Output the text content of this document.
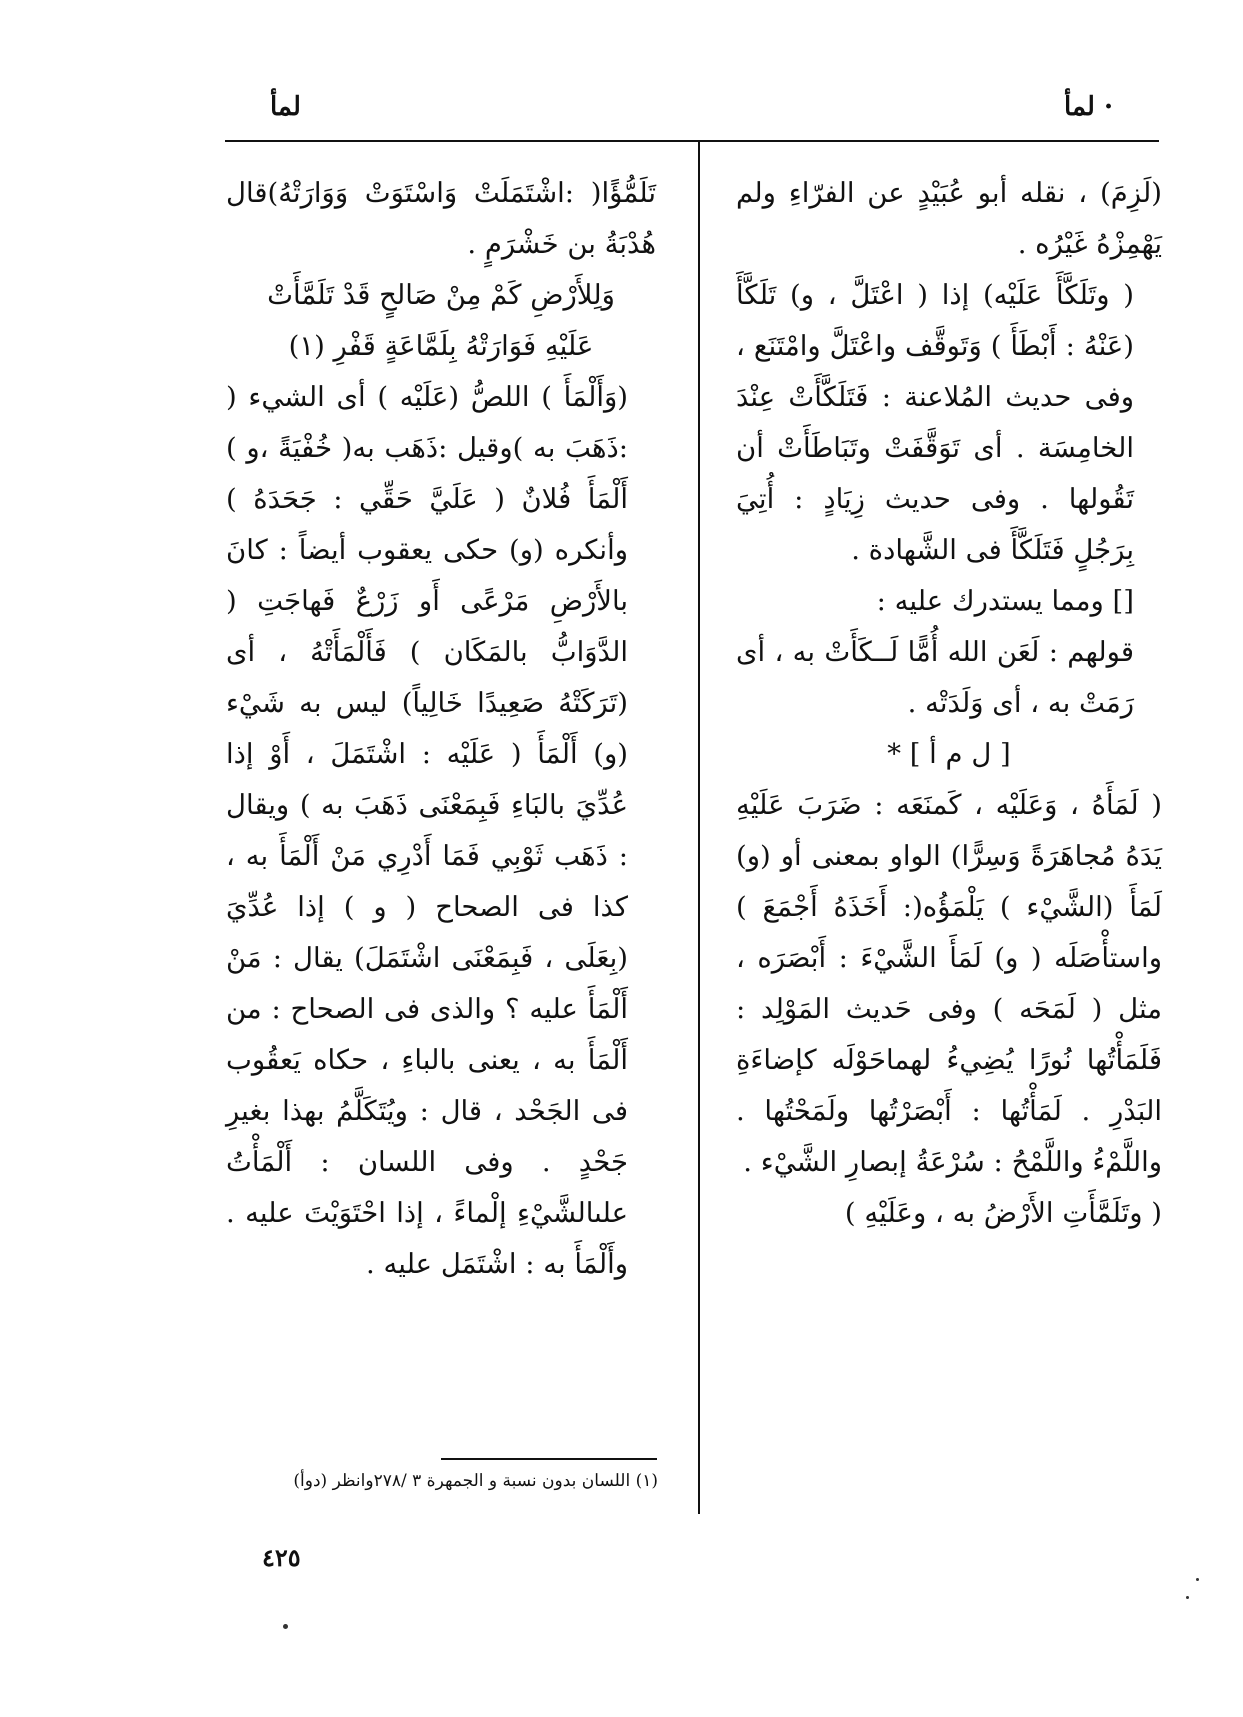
· لمأ
لمأ

(لَزِمَ) ، نقله أبو عُبَيْدٍ عن الفرّاءِ ولم يَهْمِزْهُ غَيْرُه .

( وتَلَكَّأَ عَلَيْه) إذا ( اعْتَلَّ ، و) تَلَكَّأَ (عَنْهُ : أَبْطَأَ ) وَتَوقَّف واعْتَلَّ وامْتَنَع ، وفى حديث المُلاعنة : فَتَلَكَّأَتْ عِنْدَ الخامِسَة . أى تَوَقَّفَتْ وتَبَاطَأَتْ أن تَقُولها . وفى حديث زِيَادٍ : أُتِيَ بِرَجُلٍ فَتَلَكَّأَ فى الشَّهادة .

[] ومما يستدرك عليه :

قولهم : لَعَن الله أُمًّا لَــكَأَتْ به ، أى رَمَتْ به ، أى وَلَدَتْه .

[ ل م أ ] *

( لَمَأَهُ ، وَعَلَيْه ، كَمنَعَه : ضَرَبَ عَلَيْهِ يَدَهُ مُجاهَرَةً وَسِرًّا) الواو بمعنى أو (و) لَمَأَ (الشَّيْء ) يَلْمَؤُه(: أَخَذَهُ أَجْمَعَ ) واستأْصَلَه ( و) لَمَأَ الشَّيْءَ : أَبْصَرَه ، مثل ( لَمَحَه ) وفى حَديث المَوْلِد : فَلَمَأْتُها نُورًا يُضِيءُ لهماحَوْلَه كإضاءَةِ البَدْرِ . لَمَأْتُها : أَبْصَرْتُها ولَمَحْتُها . واللَّمْءُ واللَّمْحُ : سُرْعَةُ إبصارِ الشَّيْء .

( وتَلَمَّأَتِ الأَرْضُ به ، وعَلَيْهِ )

تَلَمُّؤًا( :اشْتَمَلَتْ وَاسْتَوَتْ وَوَارَتْهُ)قال هُدْبَةُ بن خَشْرَمٍ .

وَلِلأَرْضِ كَمْ مِنْ صَالحٍ قَدْ تَلَمَّأَتْ

عَلَيْهِ فَوَارَتْهُ بِلَمَّاعَةٍ قَفْرِ (١)

(وَأَلْمَأَ ) اللصُّ (عَلَيْه ) أى الشيء ( :ذَهَبَ به )وقيل :ذَهَب به( خُفْيَةً ،و ) أَلْمَأَ فُلانٌ ( عَلَيَّ حَقِّي : جَحَدَهُ ) وأنكره (و) حكى يعقوب أيضاً : كانَ بالأَرْضِ مَرْعًى أَو زَرْعٌ فَهاجَتِ ( الدَّوَابُّ بالمَكَان ) فَأَلْمَأَتْهُ ، أى (تَرَكَتْهُ صَعِيدًا خَالِياً) ليس به شَيْء (و) أَلْمَأَ ( عَلَيْه : اشْتَمَلَ ، أَوْ إذا عُدِّيَ بالبَاءِ فَبِمَعْنَى ذَهَبَ به ) ويقال : ذَهَب ثَوْبِي فَمَا أَدْرِي مَنْ أَلْمَأَ به ، كذا فى الصحاح ( و ) إذا عُدِّيَ (بِعَلَى ، فَبِمَعْنَى اشْتَمَلَ) يقال : مَنْ أَلْمَأَ عليه ؟ والذى فى الصحاح : من أَلْمَأَ به ، يعنى بالباءِ ، حكاه يَعقُوب فى الجَحْد ، قال : ويُتَكَلَّمُ بهذا بغيرِ جَحْدٍ . وفى اللسان : أَلْمَأْتُ علىالشَّيْءِ إلْماءً ، إذا احْتَوَيْتَ عليه . وأَلْمَأَ به : اشْتَمَل عليه .

(١) اللسان بدون نسبة و الجمهرة ٣ /٢٧٨وانظر (دوأ)
٤٢٥
